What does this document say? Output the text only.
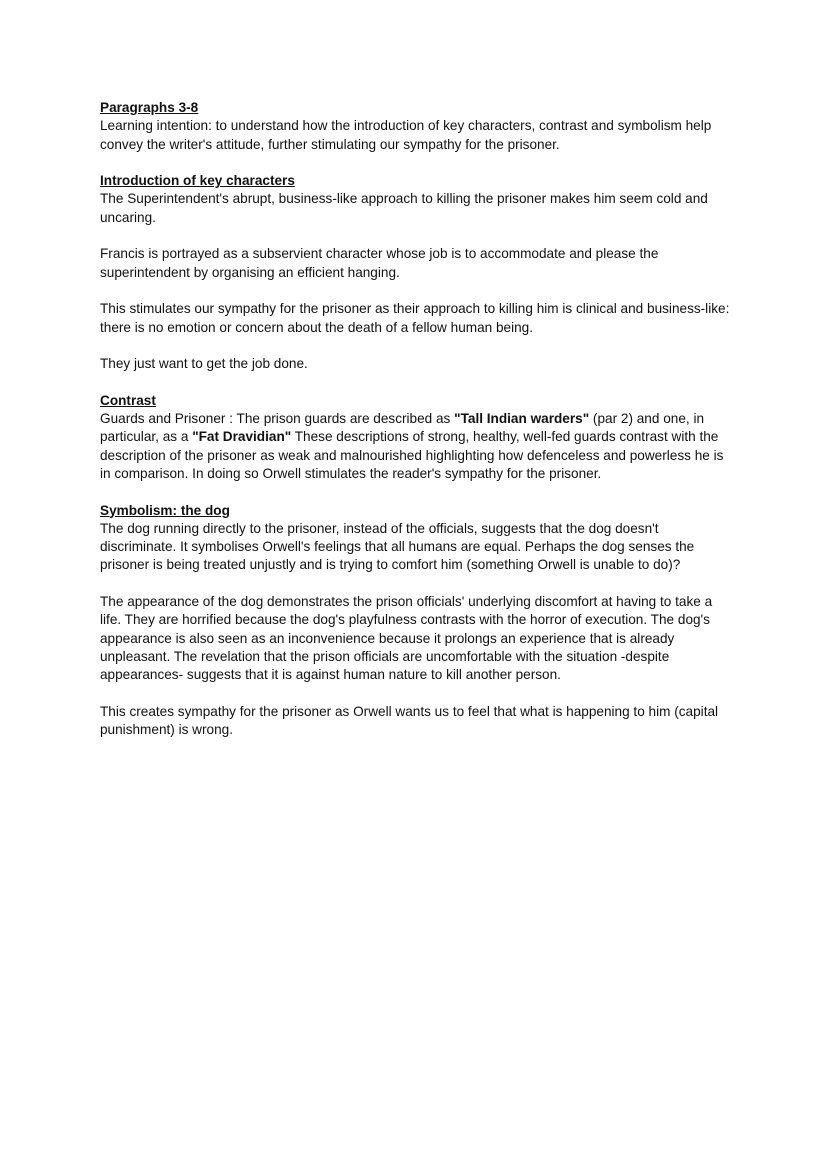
Paragraphs 3-8

Learning intention: to understand how the introduction of key characters, contrast and symbolism help convey the writer's attitude, further stimulating our sympathy for the prisoner.

Introduction of key characters

The Superintendent's abrupt, business-like approach to killing the prisoner makes him seem cold and uncaring.

Francis is portrayed as a subservient character whose job is to accommodate and please the superintendent by organising an efficient hanging.

This stimulates our sympathy for the prisoner as their approach to killing him is clinical and business-like: there is no emotion or concern about the death of a fellow human being.

They just want to get the job done.

Contrast

Guards and Prisoner : The prison guards are described as "Tall Indian warders" (par 2) and one, in particular, as a "Fat Dravidian" These descriptions of strong, healthy, well-fed guards contrast with the description of the prisoner as weak and malnourished highlighting how defenceless and powerless he is in comparison. In doing so Orwell stimulates the reader's sympathy for the prisoner.

Symbolism: the dog

The dog running directly to the prisoner, instead of the officials, suggests that the dog doesn't discriminate. It symbolises Orwell's feelings that all humans are equal. Perhaps the dog senses the prisoner is being treated unjustly and is trying to comfort him (something Orwell is unable to do)?

The appearance of the dog demonstrates the prison officials' underlying discomfort at having to take a life. They are horrified because the dog's playfulness contrasts with the horror of execution. The dog's appearance is also seen as an inconvenience because it prolongs an experience that is already unpleasant. The revelation that the prison officials are uncomfortable with the situation -despite appearances- suggests that it is against human nature to kill another person.

This creates sympathy for the prisoner as Orwell wants us to feel that what is happening to him (capital punishment) is wrong.
